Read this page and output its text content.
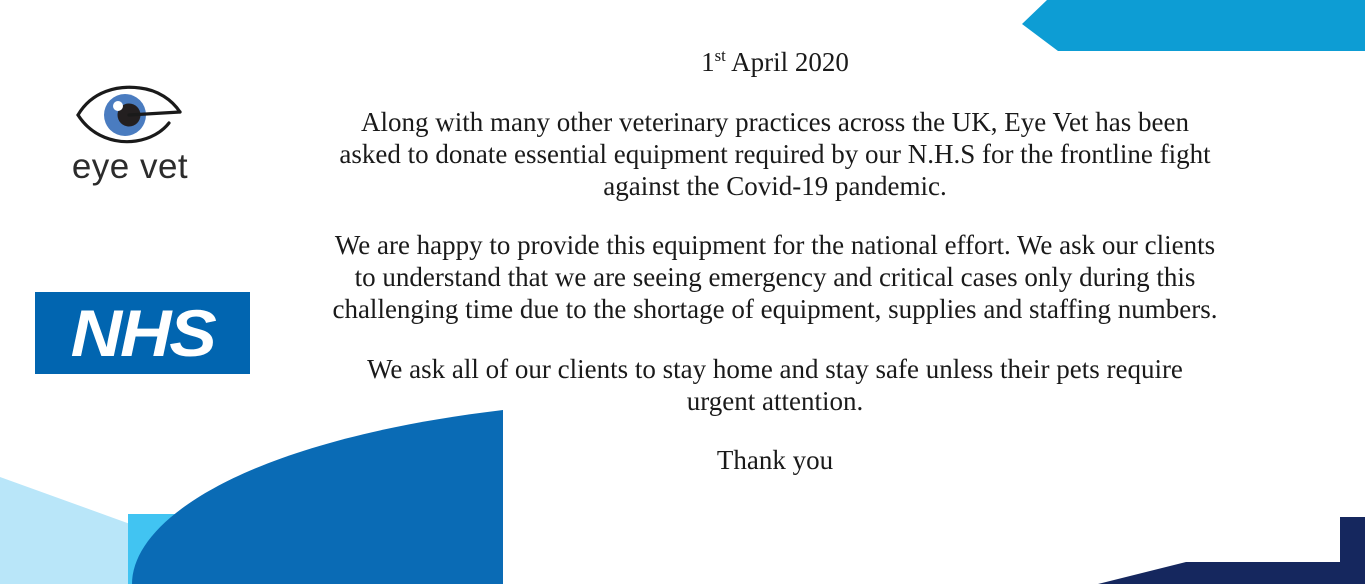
eye vet
NHS

1st April 2020

Along with many other veterinary practices across the UK, Eye Vet has been asked to donate essential equipment required by our N.H.S for the frontline fight against the Covid-19 pandemic.

We are happy to provide this equipment for the national effort. We ask our clients to understand that we are seeing emergency and critical cases only during this challenging time due to the shortage of equipment, supplies and staffing numbers.

We ask all of our clients to stay home and stay safe unless their pets require urgent attention.

Thank you
